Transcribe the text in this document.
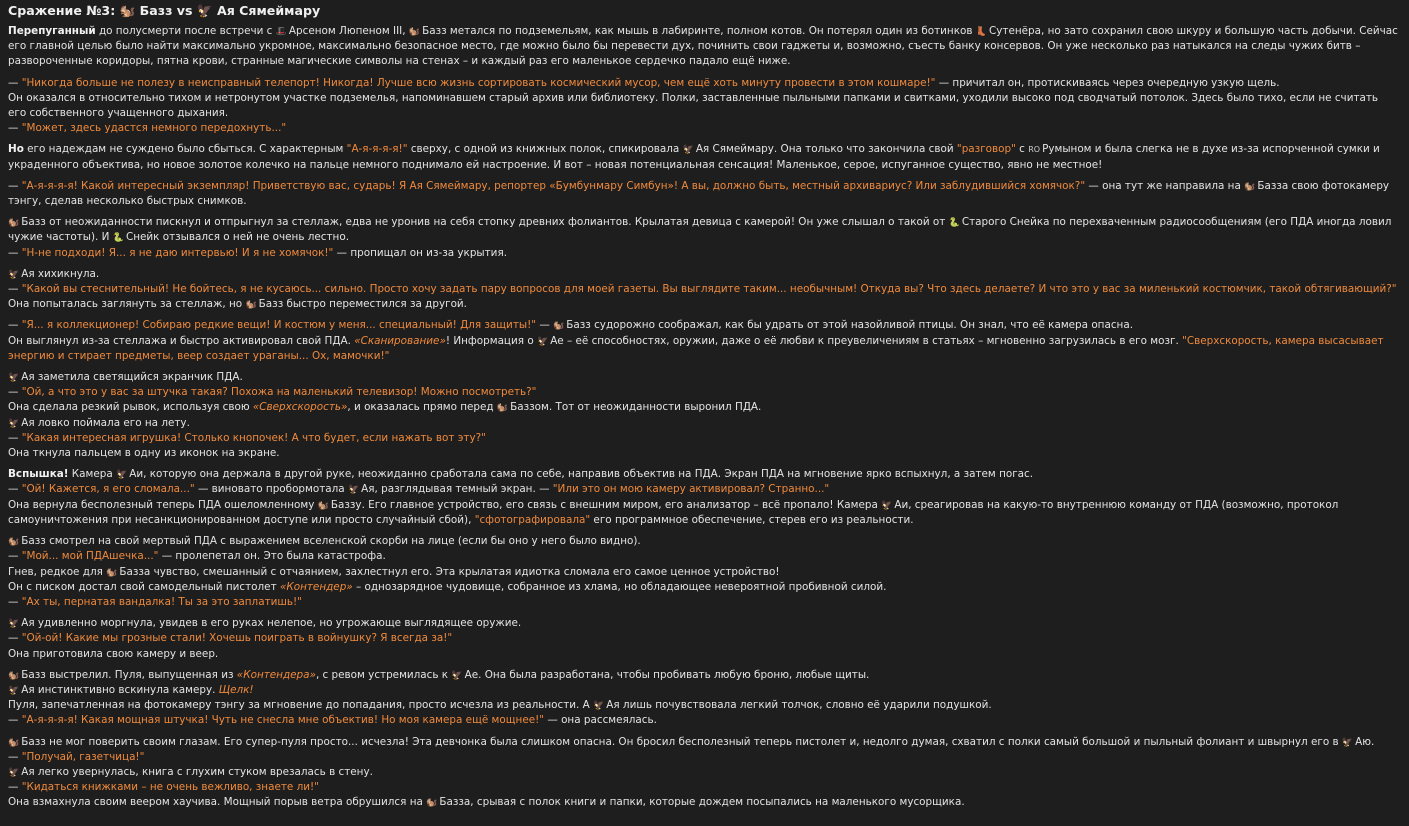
Сражение №3: 🐿️ Базз vs 🦅 Ая Сямеймару
Перепуганный до полусмерти после встречи с 🎩 Арсеном Люпеном III, 🐿️ Базз метался по подземельям, как мышь в лабиринте, полном котов. Он потерял один из ботинков 👢 Сутенёра, но зато сохранил свою шкуру и большую часть добычи. Сейчас его главной целью было найти максимально укромное, максимально безопасное место, где можно было бы перевести дух, починить свои гаджеты и, возможно, съесть банку консервов. Он уже несколько раз натыкался на следы чужих битв – развороченные коридоры, пятна крови, странные магические символы на стенах – и каждый раз его маленькое сердечко падало ещё ниже.
— "Никогда больше не полезу в неисправный телепорт! Никогда! Лучше всю жизнь сортировать космический мусор, чем ещё хоть минуту провести в этом кошмаре!" — причитал он, протискиваясь через очередную узкую щель.
Он оказался в относительно тихом и нетронутом участке подземелья, напоминавшем старый архив или библиотеку. Полки, заставленные пыльными папками и свитками, уходили высоко под сводчатый потолок. Здесь было тихо, если не считать его собственного учащенного дыхания.
— "Может, здесь удастся немного передохнуть..."
Но его надеждам не суждено было сбыться. С характерным "А-я-я-я-я!" сверху, с одной из книжных полок, спикировала 🦅 Ая Сямеймару. Она только что закончила свой "разговор" с RO Румыном и была слегка не в духе из-за испорченной сумки и украденного объектива, но новое золотое колечко на пальце немного поднимало ей настроение. И вот – новая потенциальная сенсация! Маленькое, серое, испуганное существо, явно не местное!
— "А-я-я-я-я! Какой интересный экземпляр! Приветствую вас, сударь! Я Ая Сямеймару, репортер «Бумбунмару Симбун»! А вы, должно быть, местный архивариус? Или заблудившийся хомячок?" — она тут же направила на 🐿️ Базза свою фотокамеру тэнгу, сделав несколько быстрых снимков.
🐿️ Базз от неожиданности пискнул и отпрыгнул за стеллаж, едва не уронив на себя стопку древних фолиантов. Крылатая девица с камерой! Он уже слышал о такой от 🐍 Старого Снейка по перехваченным радиосообщениям (его ПДА иногда ловил чужие частоты). И 🐍 Снейк отзывался о ней не очень лестно.
— "Н-не подходи! Я... я не даю интервью! И я не хомячок!" — пропищал он из-за укрытия.
🦅 Ая хихикнула.
— "Какой вы стеснительный! Не бойтесь, я не кусаюсь... сильно. Просто хочу задать пару вопросов для моей газеты. Вы выглядите таким... необычным! Откуда вы? Что здесь делаете? И что это у вас за миленький костюмчик, такой обтягивающий?"
Она попыталась заглянуть за стеллаж, но 🐿️ Базз быстро переместился за другой.
— "Я... я коллекционер! Собираю редкие вещи! И костюм у меня... специальный! Для защиты!" — 🐿️ Базз судорожно соображал, как бы удрать от этой назойливой птицы. Он знал, что её камера опасна.
Он выглянул из-за стеллажа и быстро активировал свой ПДА. «Сканирование»! Информация о 🦅 Ае – её способностях, оружии, даже о её любви к преувеличениям в статьях – мгновенно загрузилась в его мозг. "Сверхскорость, камера высасывает энергию и стирает предметы, веер создает ураганы... Ох, мамочки!"
🦅 Ая заметила светящийся экранчик ПДА.
— "Ой, а что это у вас за штучка такая? Похожа на маленький телевизор! Можно посмотреть?"
Она сделала резкий рывок, используя свою «Сверхскорость», и оказалась прямо перед 🐿️ Баззом. Тот от неожиданности выронил ПДА.
🦅 Ая ловко поймала его на лету.
— "Какая интересная игрушка! Столько кнопочек! А что будет, если нажать вот эту?"
Она ткнула пальцем в одну из иконок на экране.
Вспышка! Камера 🦅 Аи, которую она держала в другой руке, неожиданно сработала сама по себе, направив объектив на ПДА. Экран ПДА на мгновение ярко вспыхнул, а затем погас.
— "Ой! Кажется, я его сломала..." — виновато пробормотала 🦅 Ая, разглядывая темный экран. — "Или это он мою камеру активировал? Странно..."
Она вернула бесполезный теперь ПДА ошеломленному 🐿️ Баззу. Его главное устройство, его связь с внешним миром, его анализатор – всё пропало! Камера 🦅 Аи, среагировав на какую-то внутреннюю команду от ПДА (возможно, протокол самоуничтожения при несанкционированном доступе или просто случайный сбой), "сфотографировала" его программное обеспечение, стерев его из реальности.
🐿️ Базз смотрел на свой мертвый ПДА с выражением вселенской скорби на лице (если бы оно у него было видно).
— "Мой... мой ПДАшечка..." — пролепетал он. Это была катастрофа.
Гнев, редкое для 🐿️ Базза чувство, смешанный с отчаянием, захлестнул его. Эта крылатая идиотка сломала его самое ценное устройство!
Он с писком достал свой самодельный пистолет «Контендер» – однозарядное чудовище, собранное из хлама, но обладающее невероятной пробивной силой.
— "Ах ты, пернатая вандалка! Ты за это заплатишь!"
🦅 Ая удивленно моргнула, увидев в его руках нелепое, но угрожающе выглядящее оружие.
— "Ой-ой! Какие мы грозные стали! Хочешь поиграть в войнушку? Я всегда за!"
Она приготовила свою камеру и веер.
🐿️ Базз выстрелил. Пуля, выпущенная из «Контендера», с ревом устремилась к 🦅 Ае. Она была разработана, чтобы пробивать любую броню, любые щиты.
🦅 Ая инстинктивно вскинула камеру. Щелк!
Пуля, запечатленная на фотокамеру тэнгу за мгновение до попадания, просто исчезла из реальности. А 🦅 Ая лишь почувствовала легкий толчок, словно её ударили подушкой.
— "А-я-я-я-я! Какая мощная штучка! Чуть не снесла мне объектив! Но моя камера ещё мощнее!" — она рассмеялась.
🐿️ Базз не мог поверить своим глазам. Его супер-пуля просто... исчезла! Эта девчонка была слишком опасна. Он бросил бесполезный теперь пистолет и, недолго думая, схватил с полки самый большой и пыльный фолиант и швырнул его в 🦅 Аю.
— "Получай, газетчица!"
🦅 Ая легко увернулась, книга с глухим стуком врезалась в стену.
— "Кидаться книжками – не очень вежливо, знаете ли!"
Она взмахнула своим веером хаучива. Мощный порыв ветра обрушился на 🐿️ Базза, срывая с полок книги и папки, которые дождем посыпались на маленького мусорщика.
